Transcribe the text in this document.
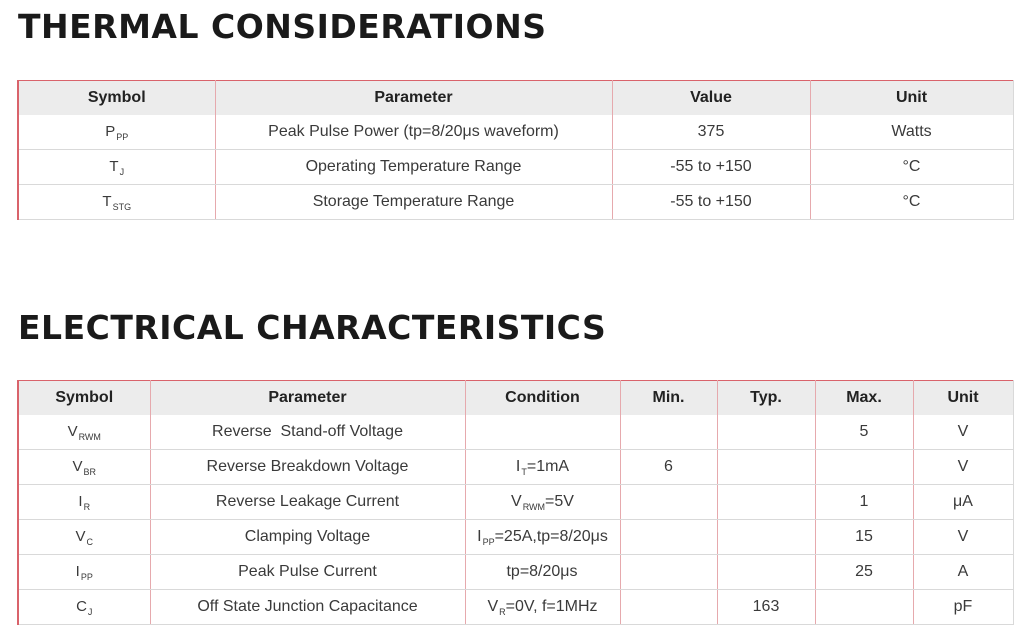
THERMAL CONSIDERATIONS
Symbol	Parameter	Value	Unit
$P_{PP}$	Peak Pulse Power (tp=8/20μs waveform)	375	Watts
$T_J$	Operating Temperature Range	-55 to +150	°C
$T_{STG}$	Storage Temperature Range	-55 to +150	°C
ELECTRICAL CHARACTERISTICS
Symbol	Parameter	Condition	Min.	Typ.	Max.	Unit
$V_{RWM}$	Reverse  Stand-off Voltage				5	V
$V_{BR}$	Reverse Breakdown Voltage	$I_T=1mA$	6			V
$I_R$	Reverse Leakage Current	$V_{RWM}=5V$			1	μA
$V_C$	Clamping Voltage	$I_{PP}=25A,tp=8/20\mu s$			15	V
$I_{PP}$	Peak Pulse Current	tp=8/20μs			25	A
$C_J$	Off State Junction Capacitance	$V_R=0V$, f=1MHz		163		pF
